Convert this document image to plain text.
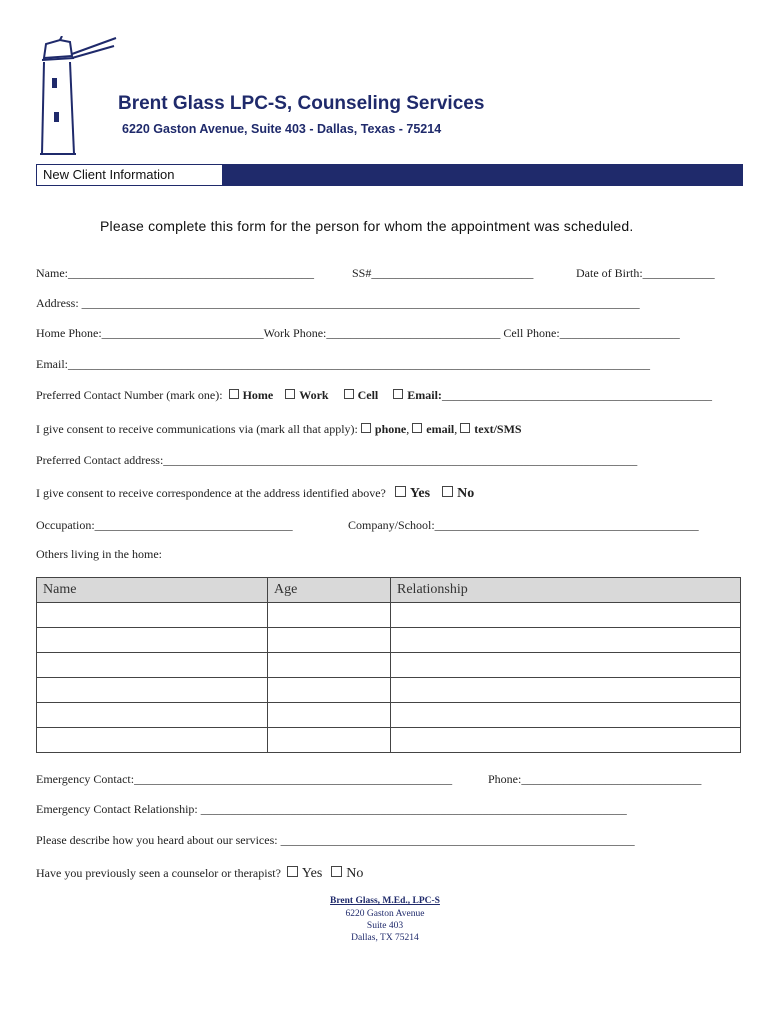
Brent Glass LPC-S, Counseling Services
6220 Gaston Avenue, Suite 403 - Dallas, Texas - 75214
New Client Information
Please complete this form for the person for whom the appointment was scheduled.
Name:_________________________________________	SS#___________________________	Date of Birth:____________
Address: _____________________________________________________________________________________________
Home Phone:___________________________Work Phone:_____________________________ Cell Phone:____________________
Email:_________________________________________________________________________________________________
Preferred Contact Number (mark one): Home Work Cell Email:_____________________________________________
I give consent to receive communications via (mark all that apply): phone, email, text/SMS
Preferred Contact address:_______________________________________________________________________________
I give consent to receive correspondence at the address identified above? Yes No
Occupation:_________________________________	Company/School:____________________________________________
Others living in the home:
Name	Age	Relationship

Emergency Contact:_____________________________________________________	Phone:______________________________
Emergency Contact Relationship: _______________________________________________________________________
Please describe how you heard about our services: ___________________________________________________________
Have you previously seen a counselor or therapist? Yes No
Brent Glass, M.Ed., LPC-S
6220 Gaston Avenue
Suite 403
Dallas, TX 75214
